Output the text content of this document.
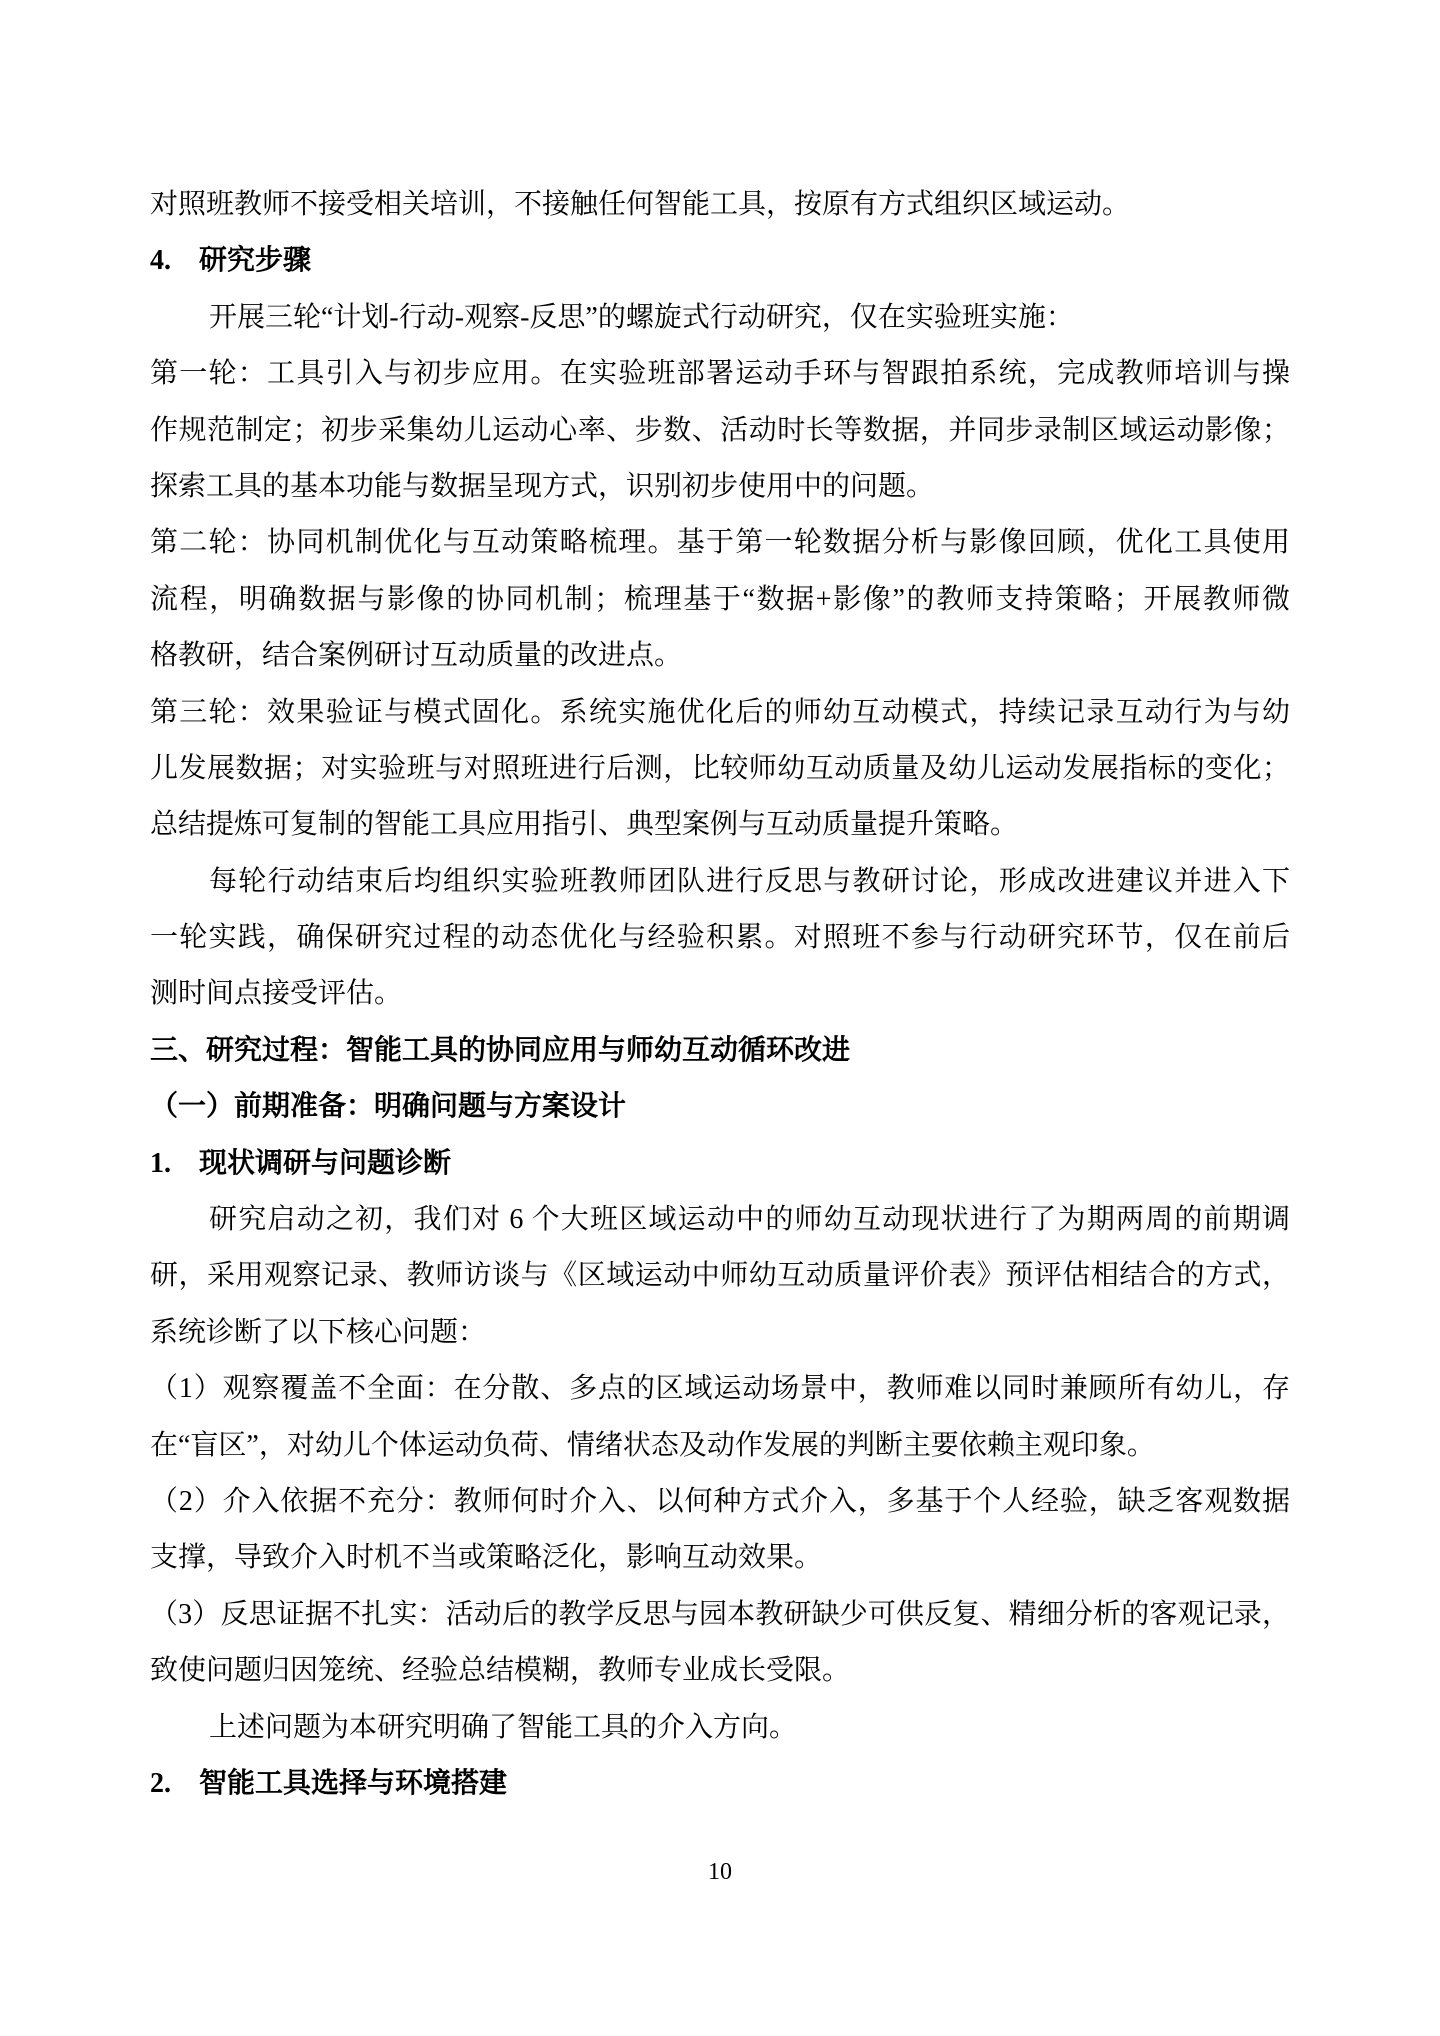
对照班教师不接受相关培训，不接触任何智能工具，按原有方式组织区域运动。
4.　研究步骤
开展三轮“计划-行动-观察-反思”的螺旋式行动研究，仅在实验班实施：
第一轮：工具引入与初步应用。在实验班部署运动手环与智跟拍系统，完成教师培训与操
作规范制定；初步采集幼儿运动心率、步数、活动时长等数据，并同步录制区域运动影像；
探索工具的基本功能与数据呈现方式，识别初步使用中的问题。
第二轮：协同机制优化与互动策略梳理。基于第一轮数据分析与影像回顾，优化工具使用
流程，明确数据与影像的协同机制；梳理基于“数据+影像”的教师支持策略；开展教师微
格教研，结合案例研讨互动质量的改进点。
第三轮：效果验证与模式固化。系统实施优化后的师幼互动模式，持续记录互动行为与幼
儿发展数据；对实验班与对照班进行后测，比较师幼互动质量及幼儿运动发展指标的变化；
总结提炼可复制的智能工具应用指引、典型案例与互动质量提升策略。
每轮行动结束后均组织实验班教师团队进行反思与教研讨论，形成改进建议并进入下
一轮实践，确保研究过程的动态优化与经验积累。对照班不参与行动研究环节，仅在前后
测时间点接受评估。
三、研究过程：智能工具的协同应用与师幼互动循环改进
（一）前期准备：明确问题与方案设计
1.　现状调研与问题诊断
研究启动之初，我们对 6 个大班区域运动中的师幼互动现状进行了为期两周的前期调
研，采用观察记录、教师访谈与《区域运动中师幼互动质量评价表》预评估相结合的方式，
系统诊断了以下核心问题：
（1）观察覆盖不全面：在分散、多点的区域运动场景中，教师难以同时兼顾所有幼儿，存
在“盲区”，对幼儿个体运动负荷、情绪状态及动作发展的判断主要依赖主观印象。
（2）介入依据不充分：教师何时介入、以何种方式介入，多基于个人经验，缺乏客观数据
支撑，导致介入时机不当或策略泛化，影响互动效果。
（3）反思证据不扎实：活动后的教学反思与园本教研缺少可供反复、精细分析的客观记录，
致使问题归因笼统、经验总结模糊，教师专业成长受限。
上述问题为本研究明确了智能工具的介入方向。
2.　智能工具选择与环境搭建
10
